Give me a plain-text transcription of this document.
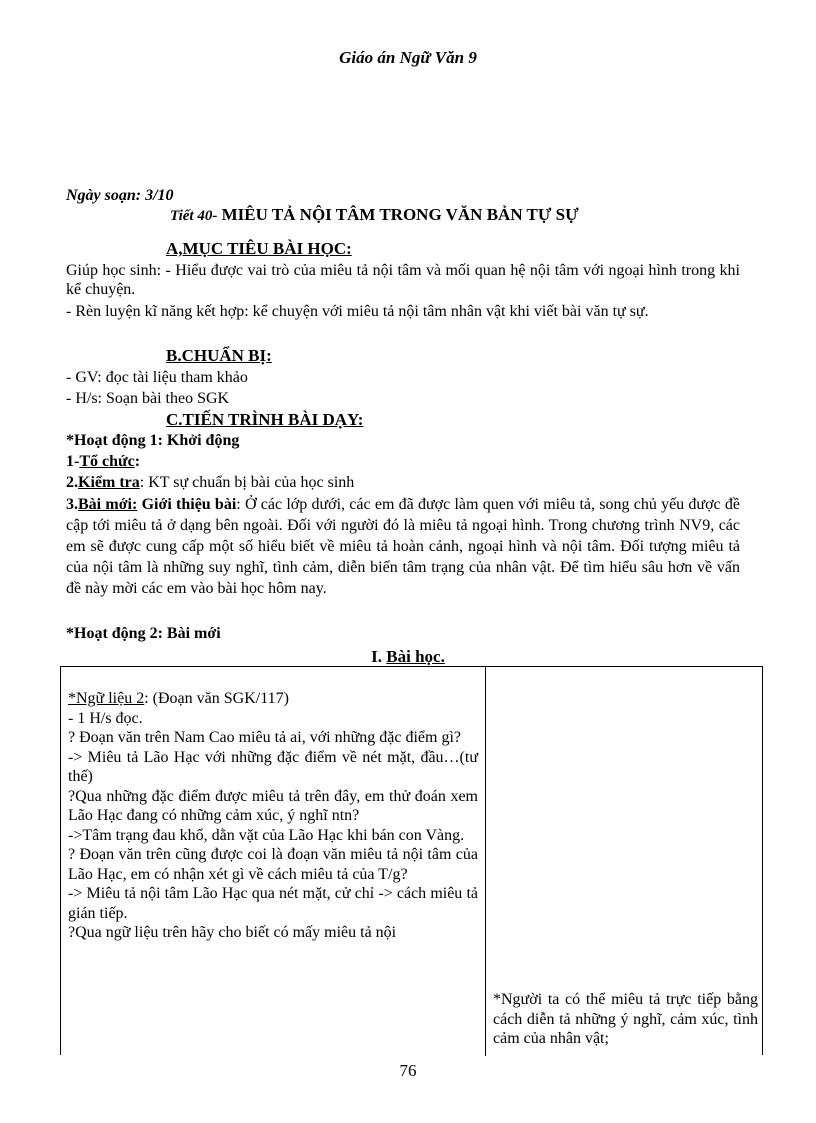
Giáo án Ngữ Văn 9
Ngày soạn: 3/10
Tiết 40- MIÊU TẢ NỘI TÂM TRONG VĂN BẢN TỰ SỰ
A,MỤC TIÊU BÀI HỌC:
Giúp học sinh: - Hiểu được vai trò của miêu tả nội tâm và mối quan hệ nội tâm với ngoại hình trong khi kể chuyện.
- Rèn luyện kĩ năng kết hợp: kể chuyện với miêu tả nội tâm nhân vật khi viết bài văn tự sự.
B.CHUẨN BỊ:
- GV: đọc tài liệu tham khảo
- H/s: Soạn bài theo SGK
C.TIẾN TRÌNH BÀI DẠY:
*Hoạt động 1: Khởi động
1-Tổ chức:
2.Kiểm tra: KT sự chuẩn bị bài của học sinh
3.Bài mới: Giới thiệu bài: Ở các lớp dưới, các em đã được làm quen với miêu tả, song chủ yếu được đề cập tới miêu tả ở dạng bên ngoài. Đối với người đó là miêu tả ngoại hình. Trong chương trình NV9, các em sẽ được cung cấp một số hiểu biết về miêu tả hoàn cảnh, ngoại hình và nội tâm. Đối tượng miêu tả của nội tâm là những suy nghĩ, tình cảm, diễn biến tâm trạng của nhân vật. Để tìm hiểu sâu hơn về vấn đề này mời các em vào bài học hôm nay.
*Hoạt động 2: Bài mới
I. Bài học.
*Ngữ liệu 2: (Đoạn văn SGK/117)
- 1 H/s đọc.
? Đoạn văn trên Nam Cao miêu tả ai, với những đặc điểm gì?
-> Miêu tả Lão Hạc với những đặc điểm về nét mặt, đầu…(tư thế)
?Qua những đặc điểm được miêu tả trên đây, em thử đoán xem Lão Hạc đang có những cảm xúc, ý nghĩ ntn?
->Tâm trạng đau khổ, dằn vặt của Lão Hạc khi bán con Vàng.
? Đoạn văn trên cũng được coi là đoạn văn miêu tả nội tâm của Lão Hạc, em có nhận xét gì về cách miêu tả của T/g?
-> Miêu tả nội tâm Lão Hạc qua nét mặt, cử chỉ -> cách miêu tả gián tiếp.
?Qua ngữ liệu trên hãy cho biết có mấy miêu tả nội
*Người ta có thể miêu tả trực tiếp bằng cách diễn tả những ý nghĩ, cảm xúc, tình cảm của nhân vật;
76
